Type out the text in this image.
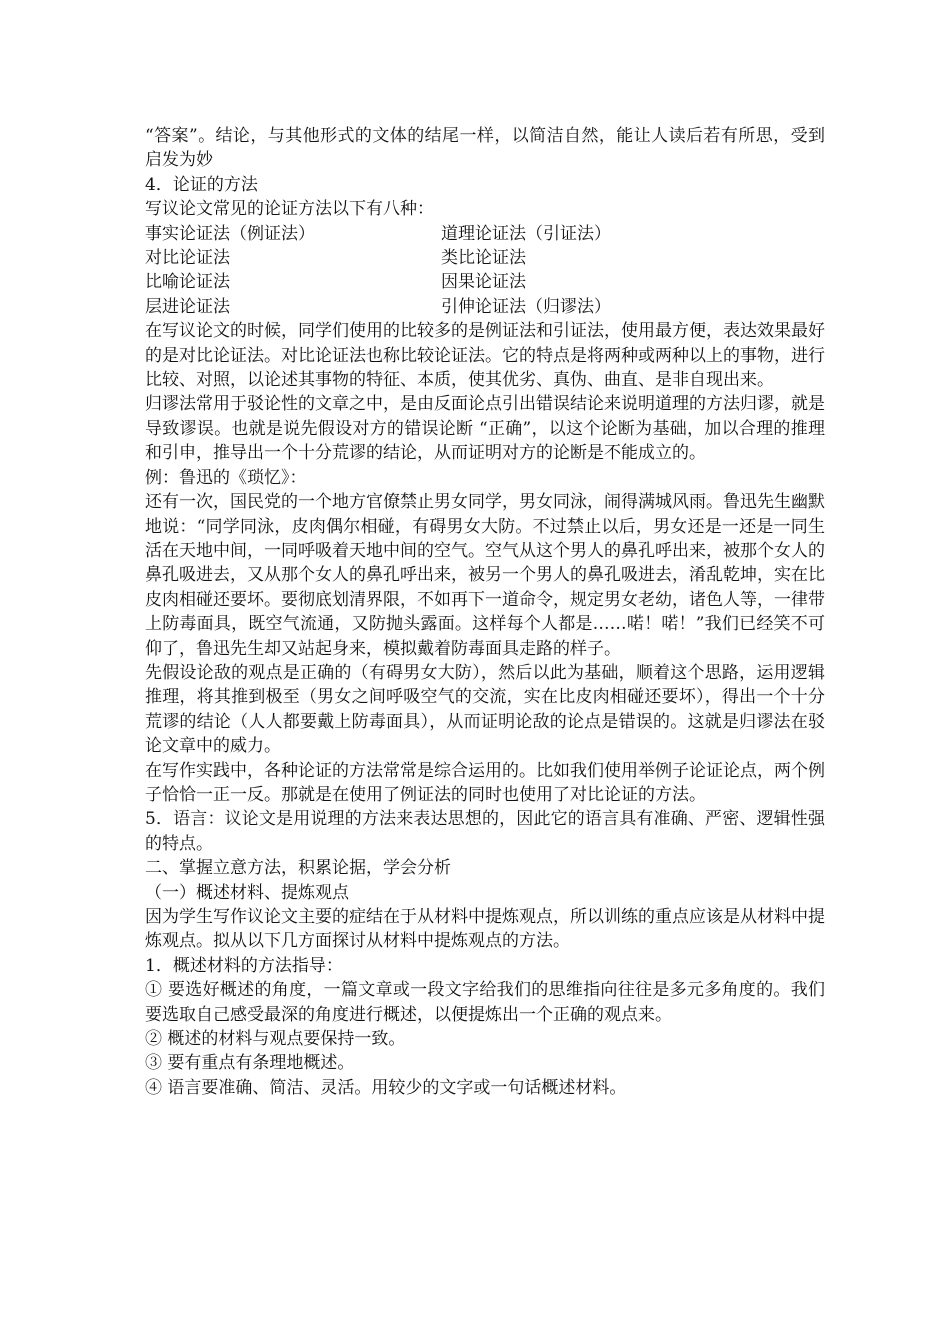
“答案”。结论，与其他形式的文体的结尾一样，以简洁自然，能让人读后若有所思，受到启发为妙

4．论证的方法

写议论文常见的论证方法以下有八种：

事实论证法（例证法）	道理论证法（引证法）
对比论证法	类比论证法
比喻论证法	因果论证法
层进论证法	引伸论证法（归谬法）

在写议论文的时候，同学们使用的比较多的是例证法和引证法，使用最方便，表达效果最好的是对比论证法。对比论证法也称比较论证法。它的特点是将两种或两种以上的事物，进行比较、对照，以论述其事物的特征、本质，使其优劣、真伪、曲直、是非自现出来。

归谬法常用于驳论性的文章之中，是由反面论点引出错误结论来说明道理的方法归谬，就是导致谬误。也就是说先假设对方的错误论断 “正确”，以这个论断为基础，加以合理的推理和引申，推导出一个十分荒谬的结论，从而证明对方的论断是不能成立的。

例：鲁迅的《琐忆》：

还有一次，国民党的一个地方官僚禁止男女同学，男女同泳，闹得满城风雨。鲁迅先生幽默地说：“同学同泳，皮肉偶尔相碰，有碍男女大防。不过禁止以后，男女还是一还是一同生活在天地中间，一同呼吸着天地中间的空气。空气从这个男人的鼻孔呼出来，被那个女人的鼻孔吸进去，又从那个女人的鼻孔呼出来，被另一个男人的鼻孔吸进去，淆乱乾坤，实在比皮肉相碰还要坏。要彻底划清界限，不如再下一道命令，规定男女老幼，诸色人等，一律带上防毒面具，既空气流通，又防抛头露面。这样每个人都是……喏！喏！”我们已经笑不可仰了，鲁迅先生却又站起身来，模拟戴着防毒面具走路的样子。

先假设论敌的观点是正确的（有碍男女大防），然后以此为基础，顺着这个思路，运用逻辑推理，将其推到极至（男女之间呼吸空气的交流，实在比皮肉相碰还要坏），得出一个十分荒谬的结论（人人都要戴上防毒面具），从而证明论敌的论点是错误的。这就是归谬法在驳论文章中的威力。

在写作实践中，各种论证的方法常常是综合运用的。比如我们使用举例子论证论点，两个例子恰恰一正一反。那就是在使用了例证法的同时也使用了对比论证的方法。

5．语言：议论文是用说理的方法来表达思想的，因此它的语言具有准确、严密、逻辑性强的特点。

二、掌握立意方法，积累论据，学会分析

（一）概述材料、提炼观点

因为学生写作议论文主要的症结在于从材料中提炼观点，所以训练的重点应该是从材料中提炼观点。拟从以下几方面探讨从材料中提炼观点的方法。

1．概述材料的方法指导：

① 要选好概述的角度，一篇文章或一段文字给我们的思维指向往往是多元多角度的。我们要选取自己感受最深的角度进行概述，以便提炼出一个正确的观点来。

② 概述的材料与观点要保持一致。

③ 要有重点有条理地概述。

④ 语言要准确、简洁、灵活。用较少的文字或一句话概述材料。
